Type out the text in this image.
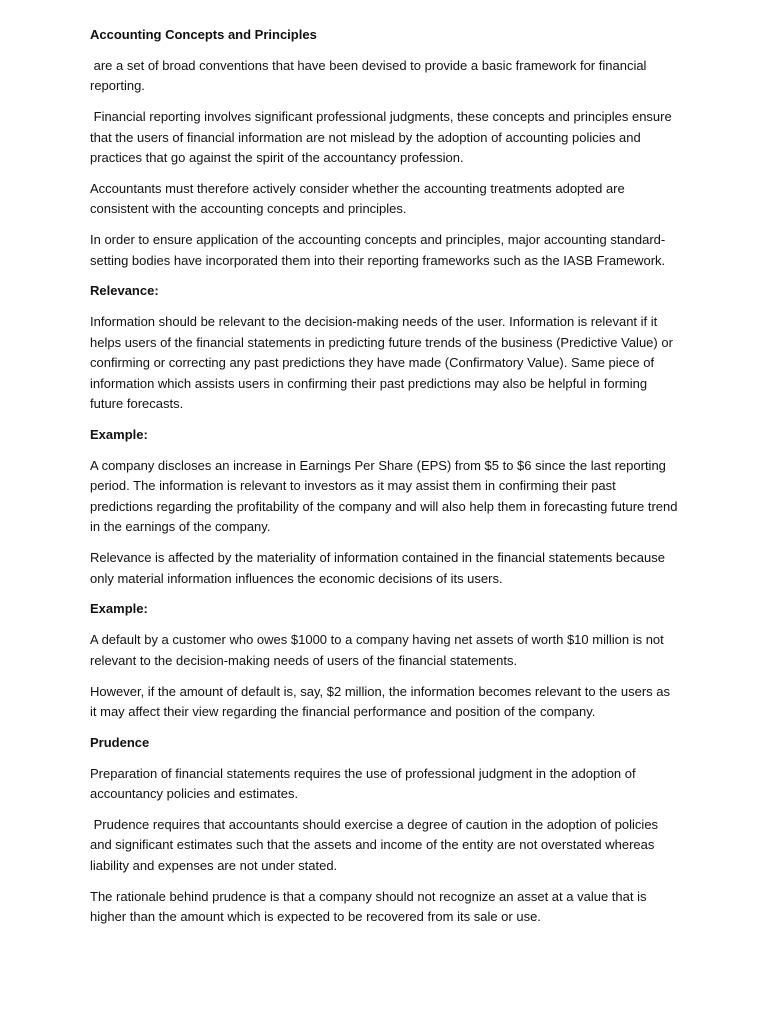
Accounting Concepts and Principles

are a set of broad conventions that have been devised to provide a basic framework for financial reporting.

Financial reporting involves significant professional judgments, these concepts and principles ensure that the users of financial information are not mislead by the adoption of accounting policies and practices that go against the spirit of the accountancy profession.

Accountants must therefore actively consider whether the accounting treatments adopted are consistent with the accounting concepts and principles.

In order to ensure application of the accounting concepts and principles, major accounting standard-setting bodies have incorporated them into their reporting frameworks such as the IASB Framework.

Relevance:

Information should be relevant to the decision-making needs of the user. Information is relevant if it helps users of the financial statements in predicting future trends of the business (Predictive Value) or confirming or correcting any past predictions they have made (Confirmatory Value). Same piece of information which assists users in confirming their past predictions may also be helpful in forming future forecasts.

Example:

A company discloses an increase in Earnings Per Share (EPS) from $5 to $6 since the last reporting period. The information is relevant to investors as it may assist them in confirming their past predictions regarding the profitability of the company and will also help them in forecasting future trend in the earnings of the company.

Relevance is affected by the materiality of information contained in the financial statements because only material information influences the economic decisions of its users.

Example:

A default by a customer who owes $1000 to a company having net assets of worth $10 million is not relevant to the decision-making needs of users of the financial statements.

However, if the amount of default is, say, $2 million, the information becomes relevant to the users as it may affect their view regarding the financial performance and position of the company.

Prudence

Preparation of financial statements requires the use of professional judgment in the adoption of accountancy policies and estimates.

Prudence requires that accountants should exercise a degree of caution in the adoption of policies and significant estimates such that the assets and income of the entity are not overstated whereas liability and expenses are not under stated.

The rationale behind prudence is that a company should not recognize an asset at a value that is higher than the amount which is expected to be recovered from its sale or use.
